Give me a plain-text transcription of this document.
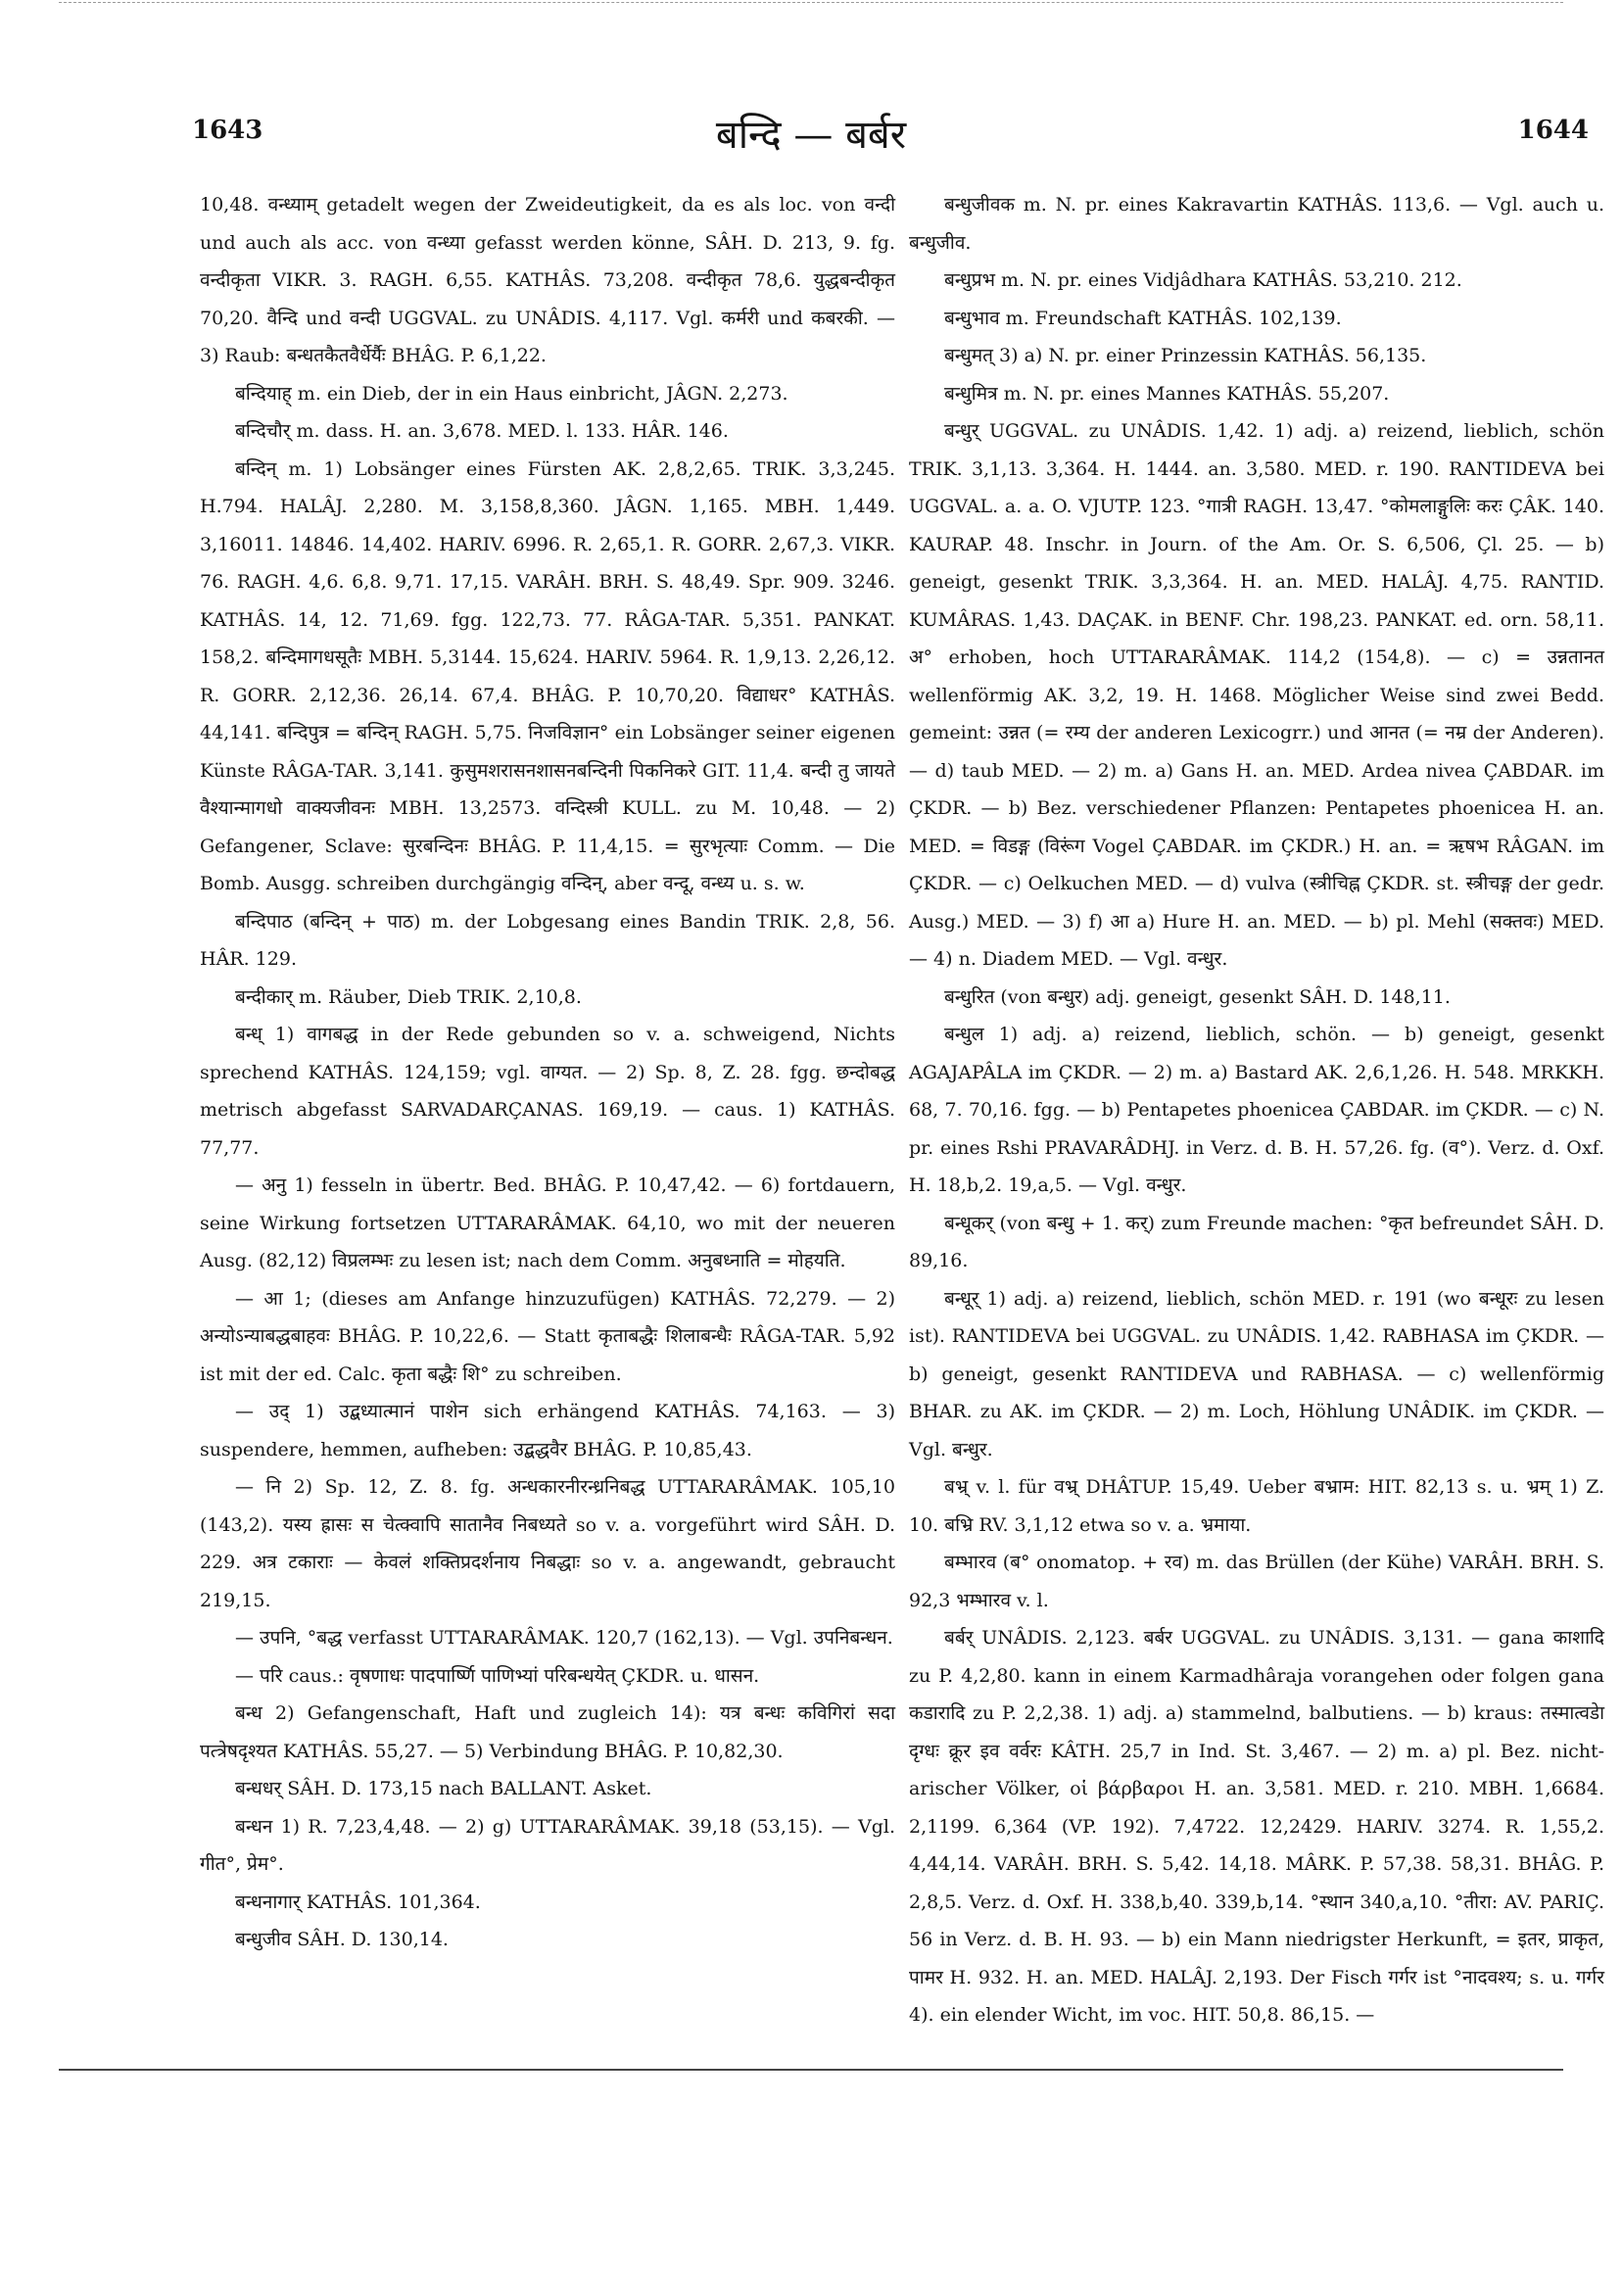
1643	बन्दि — बर्बर	1644
10,48. वन्ध्याम् getadelt wegen der Zweideutigkeit, da es als loc. von वन्दी und auch als acc. von वन्ध्या gefasst werden könne, SÂH. D. 213, 9. fg. वन्दीकृता VIKR. 3. RAGH. 6,55. KATHÂS. 73,208. वन्दीकृत 78,6. युद्धबन्दीकृत 70,20. वैन्दि und वन्दी UGGVAL. zu UNÂDIS. 4,117. Vgl. कर्मरी und कबरकी. — 3) Raub: बन्धतकैतवैर्धेर्यैः BHÂG. P. 6,1,22.
बन्दियाह् m. ein Dieb, der in ein Haus einbricht, JÂGN. 2,273.
बन्दिचौर् m. dass. H. an. 3,678. MED. l. 133. HÂR. 146.
बन्दिन् m. 1) Lobsänger eines Fürsten AK. 2,8,2,65. TRIK. 3,3,245. H.794. HALÂJ. 2,280. M. 3,158,8,360. JÂGN. 1,165. MBH. 1,449. 3,16011. 14846. 14,402. HARIV. 6996. R. 2,65,1. R. GORR. 2,67,3. VIKR. 76. RAGH. 4,6. 6,8. 9,71. 17,15. VARÂH. BRH. S. 48,49. Spr. 909. 3246. KATHÂS. 14, 12. 71,69. fgg. 122,73. 77. RÂGA-TAR. 5,351. PANKAT. 158,2. बन्दिमागधसूतैः MBH. 5,3144. 15,624. HARIV. 5964. R. 1,9,13. 2,26,12. R. GORR. 2,12,36. 26,14. 67,4. BHÂG. P. 10,70,20. विद्याधर° KATHÂS. 44,141. बन्दिपुत्र = बन्दिन् RAGH. 5,75. निजविज्ञान° ein Lobsänger seiner eigenen Künste RÂGA-TAR. 3,141. कुसुमशरासनशासनबन्दिनी पिकनिकरे GIT. 11,4. बन्दी तु जायते वैश्यान्मागधो वाक्यजीवनः MBH. 13,2573. वन्दिस्त्री KULL. zu M. 10,48. — 2) Gefangener, Sclave: सुरबन्दिनः BHÂG. P. 11,4,15. = सुरभृत्याः Comm. — Die Bomb. Ausgg. schreiben durchgängig वन्दिन्, aber वन्दू, वन्ध्य u. s. w.
बन्दिपाठ (बन्दिन् + पाठ) m. der Lobgesang eines Bandin TRIK. 2,8, 56. HÂR. 129.
बन्दीकार् m. Räuber, Dieb TRIK. 2,10,8.
बन्ध् 1) वागबद्ध in der Rede gebunden so v. a. schweigend, Nichts sprechend KATHÂS. 124,159; vgl. वाग्यत. — 2) Sp. 8, Z. 28. fgg. छन्दोबद्ध metrisch abgefasst SARVADARÇANAS. 169,19. — caus. 1) KATHÂS. 77,77.
— अनु 1) fesseln in übertr. Bed. BHÂG. P. 10,47,42. — 6) fortdauern, seine Wirkung fortsetzen UTTARARÂMAK. 64,10, wo mit der neueren Ausg. (82,12) विप्रलम्भः zu lesen ist; nach dem Comm. अनुबध्नाति = मोहयति.
— आ 1; (dieses am Anfange hinzuzufügen) KATHÂS. 72,279. — 2) अन्योऽन्याबद्धबाहवः BHÂG. P. 10,22,6. — Statt कृताबद्धैः शिलाबन्धैः RÂGA-TAR. 5,92 ist mit der ed. Calc. कृता बद्धैः शि° zu schreiben.
— उद् 1) उद्बध्यात्मानं पाशेन sich erhängend KATHÂS. 74,163. — 3) suspendere, hemmen, aufheben: उद्बद्धवैर BHÂG. P. 10,85,43.
— नि 2) Sp. 12, Z. 8. fg. अन्धकारनीरन्ध्रनिबद्ध UTTARARÂMAK. 105,10 (143,2). यस्य ह्रासः स चेत्क्वापि सातानैव निबध्यते so v. a. vorgeführt wird SÂH. D. 229. अत्र टकाराः — केवलं शक्तिप्रदर्शनाय निबद्धाः so v. a. angewandt, gebraucht 219,15.
— उपनि, °बद्ध verfasst UTTARARÂMAK. 120,7 (162,13). — Vgl. उपनिबन्धन.
— परि caus.: वृषणाधः पादपार्ष्णि पाणिभ्यां परिबन्धयेत् ÇKDR. u. धासन.
बन्ध 2) Gefangenschaft, Haft und zugleich 14): यत्र बन्धः कविगिरां सदा पत्त्रेषदृश्यत KATHÂS. 55,27. — 5) Verbindung BHÂG. P. 10,82,30.
बन्धधर् SÂH. D. 173,15 nach BALLANT. Asket.
बन्धन 1) R. 7,23,4,48. — 2) g) UTTARARÂMAK. 39,18 (53,15). — Vgl. गीत°, प्रेम°.
बन्धनागार् KATHÂS. 101,364.
बन्धुजीव SÂH. D. 130,14.
बन्धुजीवक m. N. pr. eines Kakravartin KATHÂS. 113,6. — Vgl. auch u. बन्धुजीव.
बन्धुप्रभ m. N. pr. eines Vidjâdhara KATHÂS. 53,210. 212.
बन्धुभाव m. Freundschaft KATHÂS. 102,139.
बन्धुमत् 3) a) N. pr. einer Prinzessin KATHÂS. 56,135.
बन्धुमित्र m. N. pr. eines Mannes KATHÂS. 55,207.
बन्धुर् UGGVAL. zu UNÂDIS. 1,42. 1) adj. a) reizend, lieblich, schön TRIK. 3,1,13. 3,364. H. 1444. an. 3,580. MED. r. 190. RANTIDEVA bei UGGVAL. a. a. O. VJUTP. 123. °गात्री RAGH. 13,47. °कोमलाङ्गुलिः करः ÇÂK. 140. KAURAP. 48. Inschr. in Journ. of the Am. Or. S. 6,506, Çl. 25. — b) geneigt, gesenkt TRIK. 3,3,364. H. an. MED. HALÂJ. 4,75. RANTID. KUMÂRAS. 1,43. DAÇAK. in BENF. Chr. 198,23. PANKAT. ed. orn. 58,11. अ° erhoben, hoch UTTARARÂMAK. 114,2 (154,8). — c) = उन्नतानत wellenförmig AK. 3,2, 19. H. 1468. Möglicher Weise sind zwei Bedd. gemeint: उन्नत (= रम्य der anderen Lexicogrr.) und आनत (= नम्र der Anderen). — d) taub MED. — 2) m. a) Gans H. an. MED. Ardea nivea ÇABDAR. im ÇKDR. — b) Bez. verschiedener Pflanzen: Pentapetes phoenicea H. an. MED. = विडङ्ग (विरूंग Vogel ÇABDAR. im ÇKDR.) H. an. = ऋषभ RÂGAN. im ÇKDR. — c) Oelkuchen MED. — d) vulva (स्त्रीचिह्न ÇKDR. st. स्त्रीचङ्ग der gedr. Ausg.) MED. — 3) f) आ a) Hure H. an. MED. — b) pl. Mehl (सक्तवः) MED. — 4) n. Diadem MED. — Vgl. वन्धुर.
बन्धुरित (von बन्धुर) adj. geneigt, gesenkt SÂH. D. 148,11.
बन्धुल 1) adj. a) reizend, lieblich, schön. — b) geneigt, gesenkt AGAJAPÂLA im ÇKDR. — 2) m. a) Bastard AK. 2,6,1,26. H. 548. MRKKH. 68, 7. 70,16. fgg. — b) Pentapetes phoenicea ÇABDAR. im ÇKDR. — c) N. pr. eines Rshi PRAVARÂDHJ. in Verz. d. B. H. 57,26. fg. (व°). Verz. d. Oxf. H. 18,b,2. 19,a,5. — Vgl. वन्धुर.
बन्धूकर् (von बन्धु + 1. कर्) zum Freunde machen: °कृत befreundet SÂH. D. 89,16.
बन्धूर् 1) adj. a) reizend, lieblich, schön MED. r. 191 (wo बन्धूरः zu lesen ist). RANTIDEVA bei UGGVAL. zu UNÂDIS. 1,42. RABHASA im ÇKDR. — b) geneigt, gesenkt RANTIDEVA und RABHASA. — c) wellenförmig BHAR. zu AK. im ÇKDR. — 2) m. Loch, Höhlung UNÂDIK. im ÇKDR. — Vgl. बन्धुर.
बभ्र् v. l. für वभ्र् DHÂTUP. 15,49. Ueber बभ्राम: HIT. 82,13 s. u. भ्रम् 1) Z. 10. बभ्रि RV. 3,1,12 etwa so v. a. भ्रमाया.
बम्भारव (ब° onomatop. + रव) m. das Brüllen (der Kühe) VARÂH. BRH. S. 92,3 भम्भारव v. l.
बर्बर् UNÂDIS. 2,123. बर्बर UGGVAL. zu UNÂDIS. 3,131. — gana काशादि zu P. 4,2,80. kann in einem Karmadhâraja vorangehen oder folgen gana कडारादि zu P. 2,2,38. 1) adj. a) stammelnd, balbutiens. — b) kraus: तस्मात्वडेा दृग्धः क्रूर इव वर्वरः KÂTH. 25,7 in Ind. St. 3,467. — 2) m. a) pl. Bez. nicht-arischer Völker, οἱ βάρβαροι H. an. 3,581. MED. r. 210. MBH. 1,6684. 2,1199. 6,364 (VP. 192). 7,4722. 12,2429. HARIV. 3274. R. 1,55,2. 4,44,14. VARÂH. BRH. S. 5,42. 14,18. MÂRK. P. 57,38. 58,31. BHÂG. P. 2,8,5. Verz. d. Oxf. H. 338,b,40. 339,b,14. °स्थान 340,a,10. °तीरा: AV. PARIÇ. 56 in Verz. d. B. H. 93. — b) ein Mann niedrigster Herkunft, = इतर, प्राकृत, पामर H. 932. H. an. MED. HALÂJ. 2,193. Der Fisch गर्गर ist °नादवश्य; s. u. गर्गर 4). ein elender Wicht, im voc. HIT. 50,8. 86,15. —
